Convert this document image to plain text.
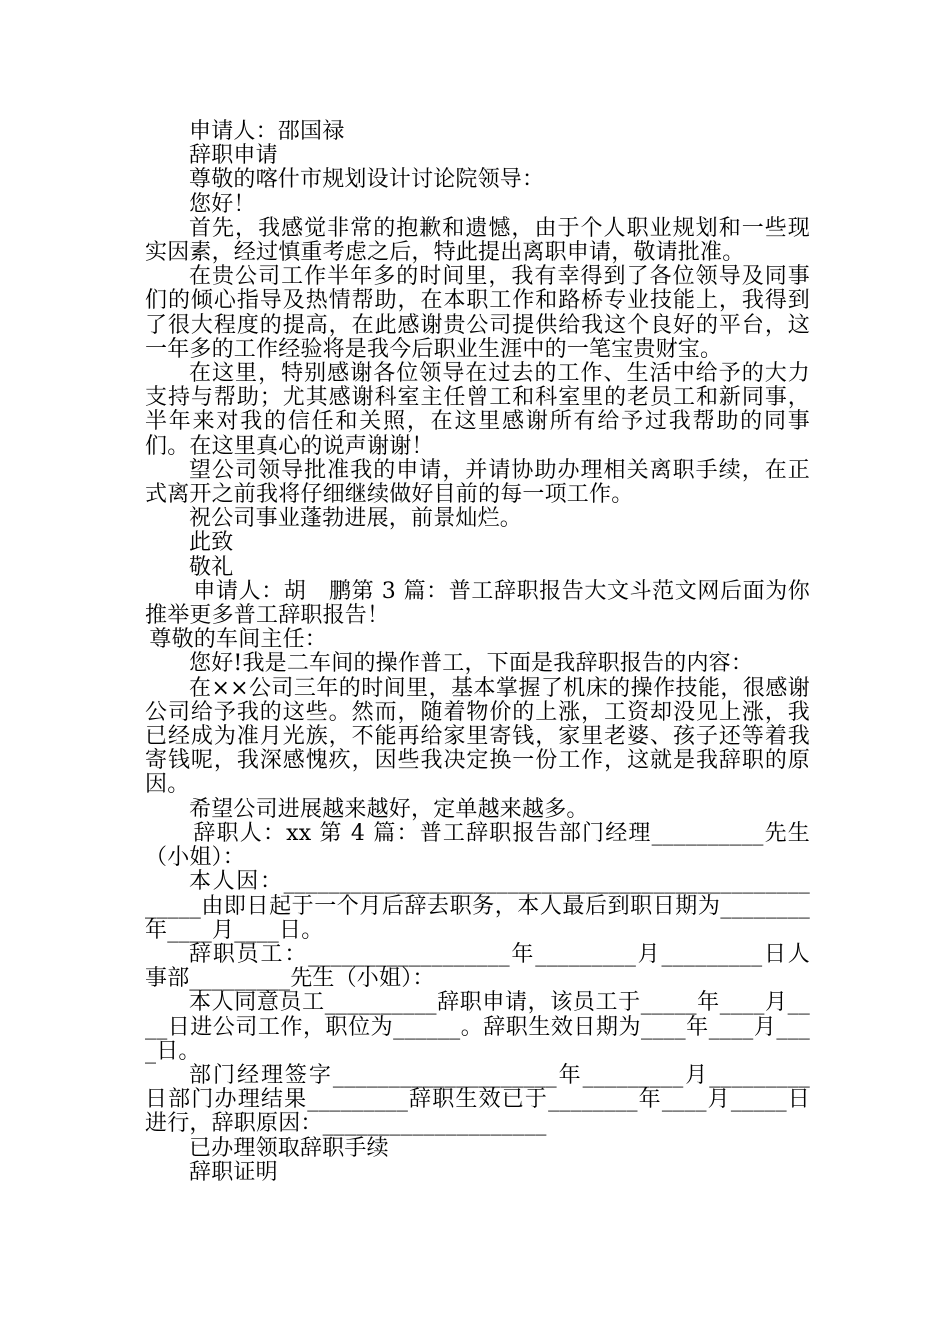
申请人：邵国禄

辞职申请

尊敬的喀什市规划设计讨论院领导：

您好！

首先，我感觉非常的抱歉和遗憾，由于个人职业规划和一些现实因素，经过慎重考虑之后，特此提出离职申请，敬请批准。

在贵公司工作半年多的时间里，我有幸得到了各位领导及同事们的倾心指导及热情帮助，在本职工作和路桥专业技能上，我得到了很大程度的提高，在此感谢贵公司提供给我这个良好的平台，这一年多的工作经验将是我今后职业生涯中的一笔宝贵财宝。

在这里，特别感谢各位领导在过去的工作、生活中给予的大力支持与帮助；尤其感谢科室主任曾工和科室里的老员工和新同事，半年来对我的信任和关照，在这里感谢所有给予过我帮助的同事们。在这里真心的说声谢谢！

望公司领导批准我的申请，并请协助办理相关离职手续，在正式离开之前我将仔细继续做好目前的每一项工作。

祝公司事业蓬勃进展，前景灿烂。

此致

敬礼

申请人：胡　鹏第 3 篇：普工辞职报告大文斗范文网后面为你推举更多普工辞职报告！

尊敬的车间主任：

您好!我是二车间的操作普工，下面是我辞职报告的内容：

在××公司三年的时间里，基本掌握了机床的操作技能，很感谢公司给予我的这些。然而，随着物价的上涨，工资却没见上涨，我已经成为准月光族，不能再给家里寄钱，家里老婆、孩子还等着我寄钱呢，我深感愧疚，因些我决定换一份工作，这就是我辞职的原因。

希望公司进展越来越好，定单越来越多。

辞职人：xx 第 4 篇：普工辞职报告部门经理__________先生（小姐）：

本人因：____________________________________________________由即日起于一个月后辞去职务，本人最后到职日期为________年____月____日。

辞职员工：__________________年_________月_________日人事部_________先生（小姐）：

本人同意员工__________辞职申请，该员工于_____年____月____日进公司工作，职位为______。辞职生效日期为____年____月____日。

部门经理签字____________________年_________月_________日部门办理结果_________辞职生效已于________年____月_____日进行，辞职原因：____________________

已办理领取辞职手续

辞职证明
